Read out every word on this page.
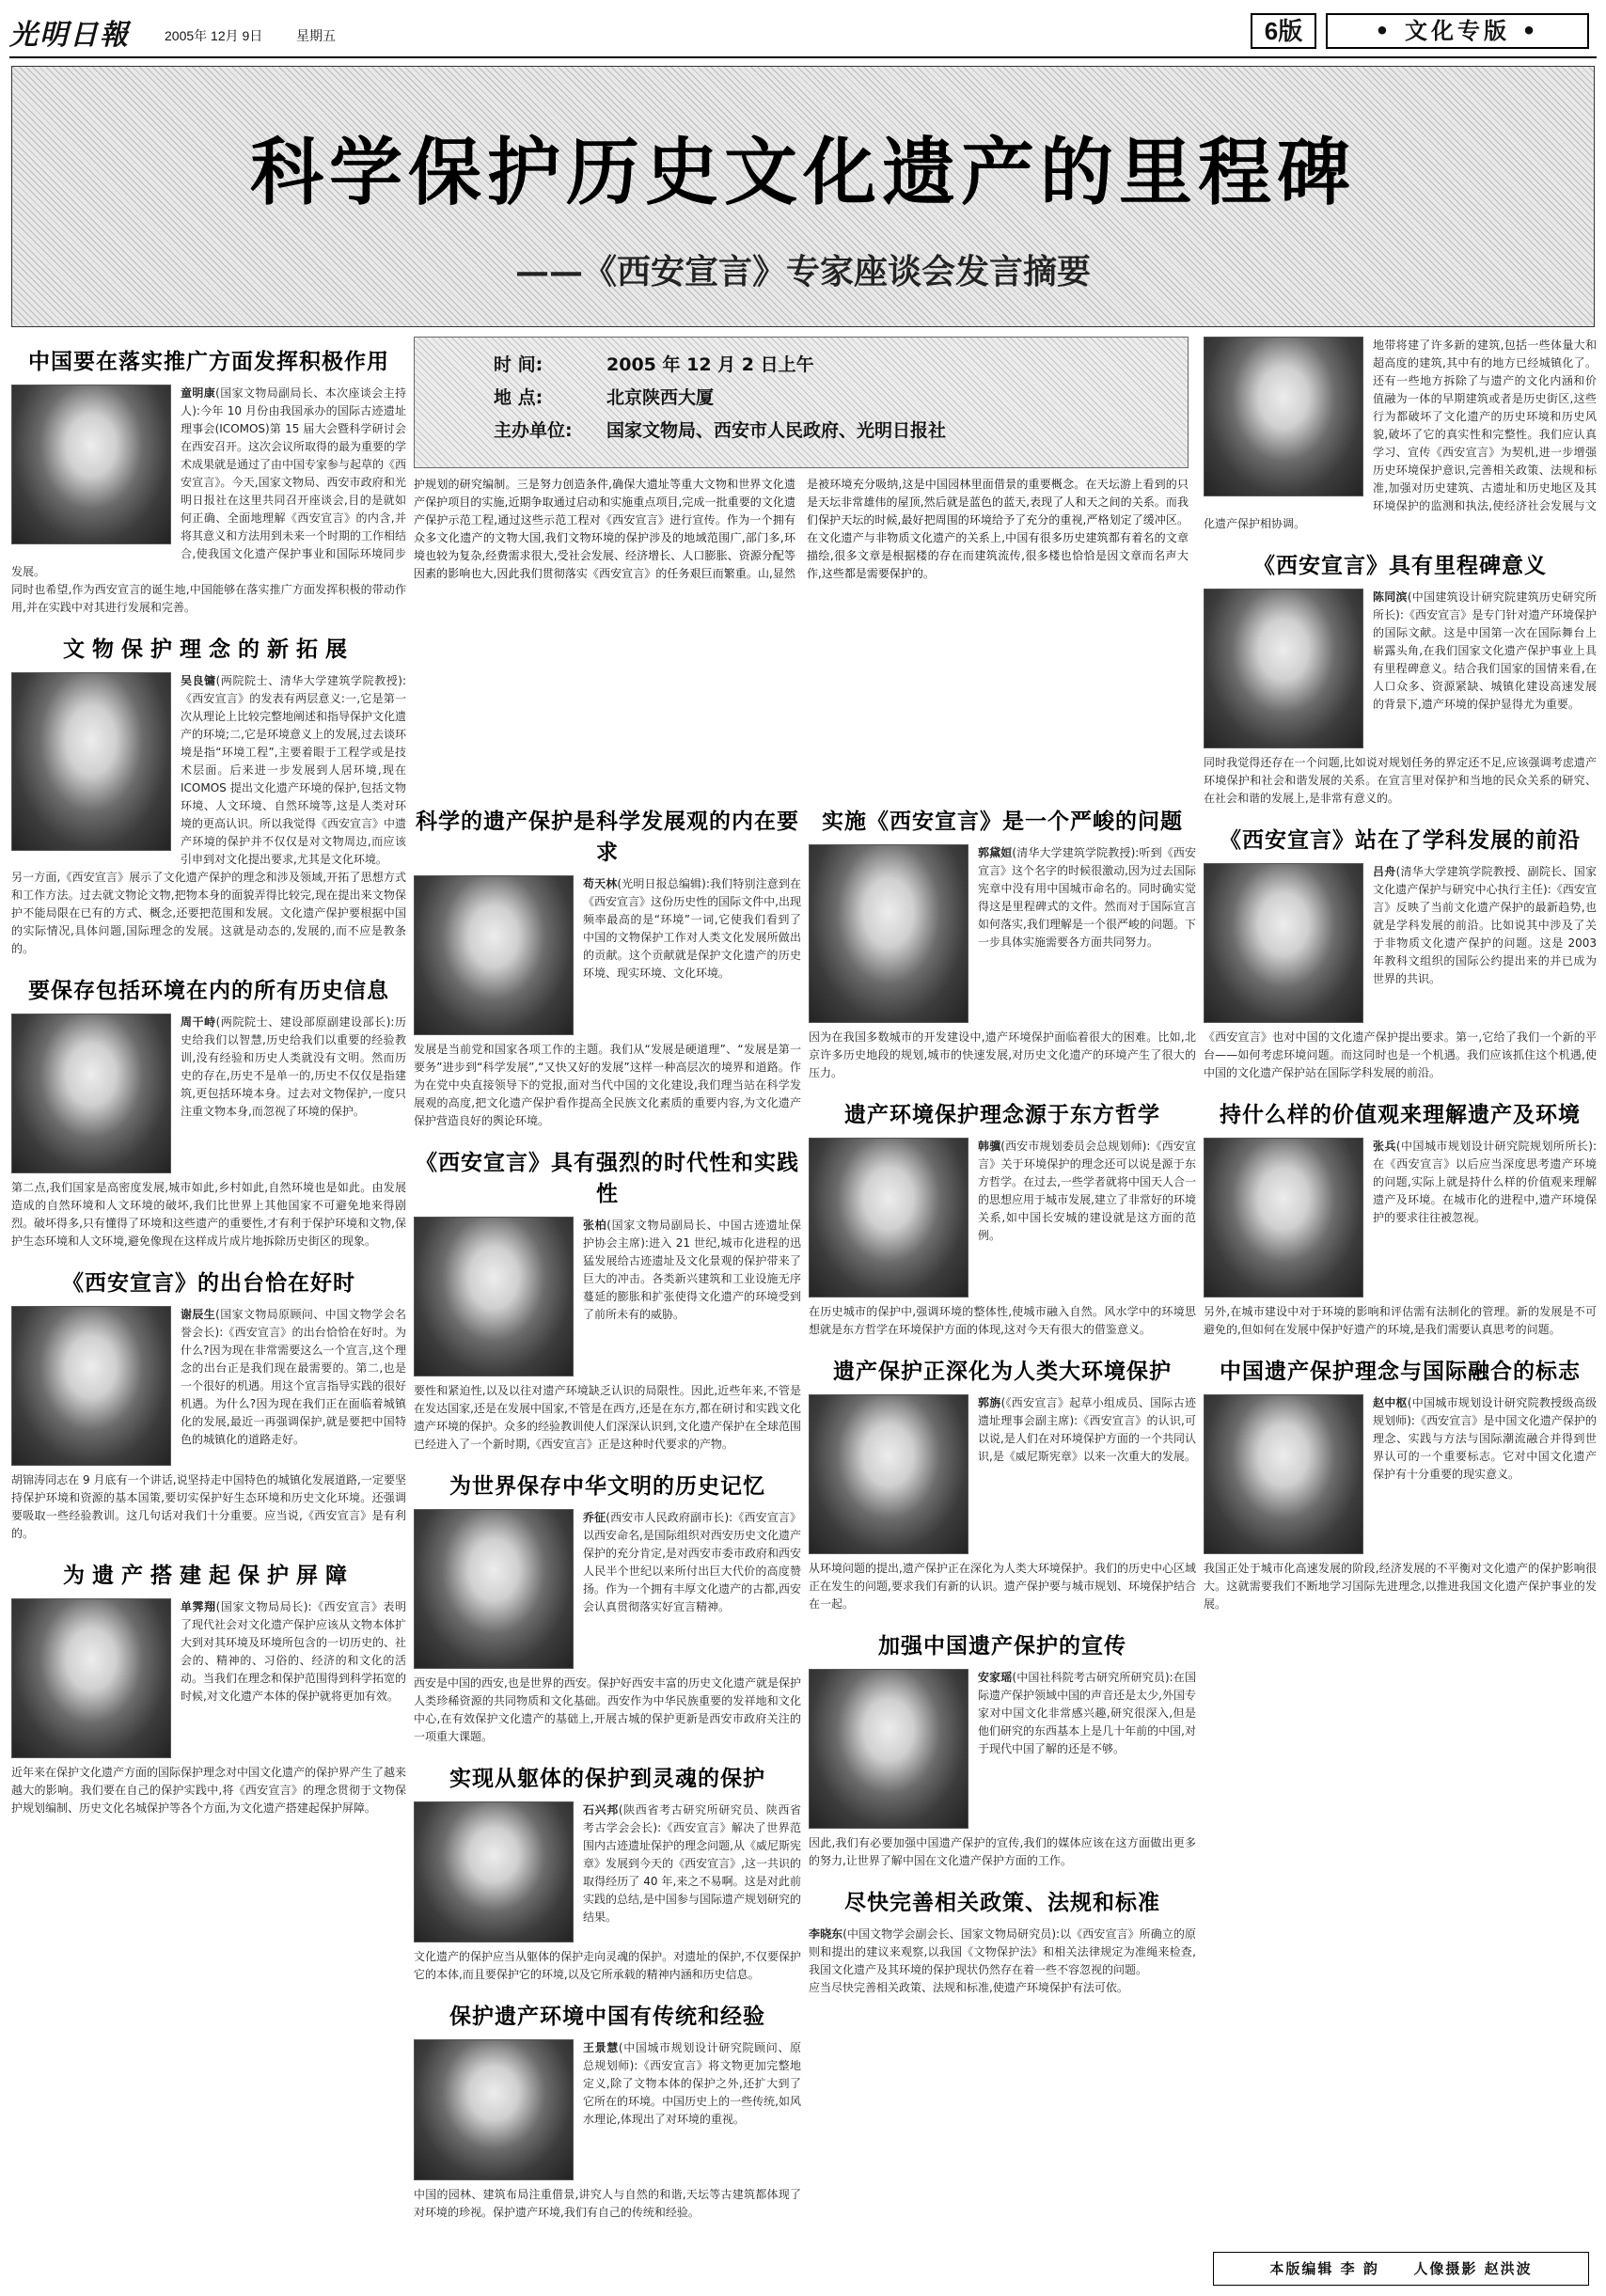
光明日報	2005年 12月 9日	星期五	6版	• 文化专版 •
科学保护历史文化遗产的里程碑
——《西安宣言》专家座谈会发言摘要
中国要在落实推广方面发挥积极作用
童明康(国家文物局副局长、本次座谈会主持人):今年 10 月份由我国承办的国际古迹遗址理事会(ICOMOS)第 15 届大会暨科学研讨会在西安召开。这次会议所取得的最为重要的学术成果就是通过了由中国专家参与起草的《西安宣言》。今天,国家文物局、西安市政府和光明日报社在这里共同召开座谈会,目的是就如何正确、全面地理解《西安宣言》的内含,并将其意义和方法用到未来一个时期的工作相结合,使我国文化遗产保护事业和国际环境同步发展。
同时也希望,作为西安宣言的诞生地,中国能够在落实推广方面发挥积极的带动作用,并在实践中对其进行发展和完善。
文物保护理念的新拓展
吴良镛(两院院士、清华大学建筑学院教授):《西安宣言》的发表有两层意义:一,它是第一次从理论上比较完整地阐述和指导保护文化遗产的环境;二,它是环境意义上的发展,过去谈环境是指“环境工程”,主要着眼于工程学或是技术层面。后来进一步发展到人居环境,现在 ICOMOS 提出文化遗产环境的保护,包括文物环境、人文环境、自然环境等,这是人类对环境的更高认识。所以我觉得《西安宣言》中遗产环境的保护并不仅仅是对文物周边,而应该引申到对文化提出要求,尤其是文化环境。
另一方面,《西安宣言》展示了文化遗产保护的理念和涉及领域,开拓了思想方式和工作方法。过去就文物论文物,把物本身的面貌弄得比较完,现在提出来文物保护不能局限在已有的方式、概念,还要把范围和发展。文化遗产保护要根据中国的实际情况,具体问题,国际理念的发展。这就是动态的,发展的,而不应是教条的。
要保存包括环境在内的所有历史信息
周干峙(两院院士、建设部原副建设部长):历史给我们以智慧,历史给我们以重要的经验教训,没有经验和历史人类就没有文明。然而历史的存在,历史不是单一的,历史不仅仅是指建筑,更包括环境本身。过去对文物保护,一度只注重文物本身,而忽视了环境的保护。
第二点,我们国家是高密度发展,城市如此,乡村如此,自然环境也是如此。由发展造成的自然环境和人文环境的破坏,我们比世界上其他国家不可避免地来得剧烈。破坏得多,只有懂得了环境和这些遗产的重要性,才有利于保护环境和文物,保护生态环境和人文环境,避免像现在这样成片成片地拆除历史街区的现象。
《西安宣言》的出台恰在好时
谢辰生(国家文物局原顾问、中国文物学会名誉会长):《西安宣言》的出台恰恰在好时。为什么?因为现在非常需要这么一个宣言,这个理念的出台正是我们现在最需要的。第二,也是一个很好的机遇。用这个宣言指导实践的很好机遇。为什么?因为现在我们正在面临着城镇化的发展,最近一再强调保护,就是要把中国特色的城镇化的道路走好。
胡锦涛同志在 9 月底有一个讲话,说坚持走中国特色的城镇化发展道路,一定要坚持保护环境和资源的基本国策,要切实保护好生态环境和历史文化环境。还强调要吸取一些经验教训。这几句话对我们十分重要。应当说,《西安宣言》是有利的。
为遗产搭建起保护屏障
单霁翔(国家文物局局长):《西安宣言》表明了现代社会对文化遗产保护应该从文物本体扩大到对其环境及环境所包含的一切历史的、社会的、精神的、习俗的、经济的和文化的活动。当我们在理念和保护范围得到科学拓宽的时候,对文化遗产本体的保护就将更加有效。
近年来在保护文化遗产方面的国际保护理念对中国文化遗产的保护界产生了越来越大的影响。我们要在自己的保护实践中,将《西安宣言》的理念贯彻于文物保护规划编制、历史文化名城保护等各个方面,为文化遗产搭建起保护屏障。
时 间:	2005 年 12 月 2 日上午
地 点:	北京陕西大厦
主办单位: 国家文物局、西安市人民政府、光明日报社
护规划的研究编制。三是努力创造条件,确保大遗址等重大文物和世界文化遗产保护项目的实施,近期争取通过启动和实施重点项目,完成一批重要的文化遗产保护示范工程,通过这些示范工程对《西安宣言》进行宣传。作为一个拥有众多文化遗产的文物大国,我们文物环境的保护涉及的地域范围广,部门多,环境也较为复杂,经费需求很大,受社会发展、经济增长、人口膨胀、资源分配等因素的影响也大,因此我们贯彻落实《西安宣言》的任务艰巨而繁重。山,显然是被环境充分吸纳,这是中国园林里面借景的重要概念。在天坛游上看到的只是天坛非常雄伟的屋顶,然后就是蓝色的蓝天,表现了人和天之间的关系。而我们保护天坛的时候,最好把周围的环境给予了充分的重视,严格划定了缓冲区。在文化遗产与非物质文化遗产的关系上,中国有很多历史建筑都有着名的文章描绘,很多文章是根据楼的存在而建筑流传,很多楼也恰恰是因文章而名声大作,这些都是需要保护的。
科学的遗产保护是科学发展观的内在要求
苟天林(光明日报总编辑):我们特别注意到在《西安宣言》这份历史性的国际文件中,出现频率最高的是“环境”一词,它使我们看到了中国的文物保护工作对人类文化发展所做出的贡献。这个贡献就是保护文化遗产的历史环境、现实环境、文化环境。
发展是当前党和国家各项工作的主题。我们从“发展是硬道理”、“发展是第一要务”进步到“科学发展”,“又快又好的发展”这样一种高层次的境界和道路。作为在党中央直接领导下的党报,面对当代中国的文化建设,我们理当站在科学发展观的高度,把文化遗产保护看作提高全民族文化素质的重要内容,为文化遗产保护营造良好的舆论环境。
《西安宣言》具有强烈的时代性和实践性
张柏(国家文物局副局长、中国古迹遗址保护协会主席):进入 21 世纪,城市化进程的迅猛发展给古迹遗址及文化景观的保护带来了巨大的冲击。各类新兴建筑和工业设施无序蔓延的膨胀和扩张使得文化遗产的环境受到了前所未有的威胁。
要性和紧迫性,以及以往对遗产环境缺乏认识的局限性。因此,近些年来,不管是在发达国家,还是在发展中国家,不管是在西方,还是在东方,都在研讨和实践文化遗产环境的保护。众多的经验教训使人们深深认识到,文化遗产保护在全球范围已经进入了一个新时期,《西安宣言》正是这种时代要求的产物。
为世界保存中华文明的历史记忆
乔征(西安市人民政府副市长):《西安宣言》以西安命名,是国际组织对西安历史文化遗产保护的充分肯定,是对西安市委市政府和西安人民半个世纪以来所付出巨大代价的高度赞扬。作为一个拥有丰厚文化遗产的古都,西安会认真贯彻落实好宣言精神。
西安是中国的西安,也是世界的西安。保护好西安丰富的历史文化遗产就是保护人类珍稀资源的共同物质和文化基础。西安作为中华民族重要的发祥地和文化中心,在有效保护文化遗产的基础上,开展古城的保护更新是西安市政府关注的一项重大课题。
实现从躯体的保护到灵魂的保护
石兴邦(陕西省考古研究所研究员、陕西省考古学会会长):《西安宣言》解决了世界范围内古迹遗址保护的理念问题,从《威尼斯宪章》发展到今天的《西安宣言》,这一共识的取得经历了 40 年,来之不易啊。这是对此前实践的总结,是中国参与国际遗产规划研究的结果。
文化遗产的保护应当从躯体的保护走向灵魂的保护。对遗址的保护,不仅要保护它的本体,而且要保护它的环境,以及它所承载的精神内涵和历史信息。
保护遗产环境中国有传统和经验
王景慧(中国城市规划设计研究院顾问、原总规划师):《西安宣言》将文物更加完整地定义,除了文物本体的保护之外,还扩大到了它所在的环境。中国历史上的一些传统,如风水理论,体现出了对环境的重视。
中国的园林、建筑布局注重借景,讲究人与自然的和谐,天坛等古建筑都体现了对环境的珍视。保护遗产环境,我们有自己的传统和经验。
实施《西安宣言》是一个严峻的问题
郭黛姮(清华大学建筑学院教授):听到《西安宣言》这个名字的时候很激动,因为过去国际宪章中没有用中国城市命名的。同时确实觉得这是里程碑式的文件。然而对于国际宣言如何落实,我们理解是一个很严峻的问题。下一步具体实施需要各方面共同努力。
因为在我国多数城市的开发建设中,遗产环境保护面临着很大的困难。比如,北京许多历史地段的规划,城市的快速发展,对历史文化遗产的环境产生了很大的压力。
遗产环境保护理念源于东方哲学
韩骥(西安市规划委员会总规划师):《西安宣言》关于环境保护的理念还可以说是源于东方哲学。在过去,一些学者就将中国天人合一的思想应用于城市发展,建立了非常好的环境关系,如中国长安城的建设就是这方面的范例。
在历史城市的保护中,强调环境的整体性,使城市融入自然。风水学中的环境思想就是东方哲学在环境保护方面的体现,这对今天有很大的借鉴意义。
遗产保护正深化为人类大环境保护
郭旃(《西安宣言》起草小组成员、国际古迹遗址理事会副主席):《西安宣言》的认识,可以说,是人们在对环境保护方面的一个共同认识,是《威尼斯宪章》以来一次重大的发展。
从环境问题的提出,遗产保护正在深化为人类大环境保护。我们的历史中心区域正在发生的问题,要求我们有新的认识。遗产保护要与城市规划、环境保护结合在一起。
加强中国遗产保护的宣传
安家瑶(中国社科院考古研究所研究员):在国际遗产保护领域中国的声音还是太少,外国专家对中国文化非常感兴趣,研究很深入,但是他们研究的东西基本上是几十年前的中国,对于现代中国了解的还是不够。
因此,我们有必要加强中国遗产保护的宣传,我们的媒体应该在这方面做出更多的努力,让世界了解中国在文化遗产保护方面的工作。
尽快完善相关政策、法规和标准
李晓东(中国文物学会副会长、国家文物局研究员):以《西安宣言》所确立的原则和提出的建议来观察,以我国《文物保护法》和相关法律规定为准绳来检查,我国文化遗产及其环境的保护现状仍然存在着一些不容忽视的问题。
应当尽快完善相关政策、法规和标准,使遗产环境保护有法可依。
地带将建了许多新的建筑,包括一些体量大和超高度的建筑,其中有的地方已经城镇化了。还有一些地方拆除了与遗产的文化内涵和价值融为一体的早期建筑或者是历史街区,这些行为都破坏了文化遗产的历史环境和历史风貌,破坏了它的真实性和完整性。我们应认真学习、宣传《西安宣言》为契机,进一步增强历史环境保护意识,完善相关政策、法规和标准,加强对历史建筑、古遗址和历史地区及其环境保护的监测和执法,使经济社会发展与文化遗产保护相协调。
《西安宣言》具有里程碑意义
陈同滨(中国建筑设计研究院建筑历史研究所所长):《西安宣言》是专门针对遗产环境保护的国际文献。这是中国第一次在国际舞台上崭露头角,在我们国家文化遗产保护事业上具有里程碑意义。结合我们国家的国情来看,在人口众多、资源紧缺、城镇化建设高速发展的背景下,遗产环境的保护显得尤为重要。
同时我觉得还存在一个问题,比如说对规划任务的界定还不足,应该强调考虑遗产环境保护和社会和谐发展的关系。在宣言里对保护和当地的民众关系的研究、在社会和谐的发展上,是非常有意义的。
《西安宣言》站在了学科发展的前沿
吕舟(清华大学建筑学院教授、副院长、国家文化遗产保护与研究中心执行主任):《西安宣言》反映了当前文化遗产保护的最新趋势,也就是学科发展的前沿。比如说其中涉及了关于非物质文化遗产保护的问题。这是 2003 年教科文组织的国际公约提出来的并已成为世界的共识。
《西安宣言》也对中国的文化遗产保护提出要求。第一,它给了我们一个新的平台——如何考虑环境问题。而这同时也是一个机遇。我们应该抓住这个机遇,使中国的文化遗产保护站在国际学科发展的前沿。
持什么样的价值观来理解遗产及环境
张兵(中国城市规划设计研究院规划所所长):在《西安宣言》以后应当深度思考遗产环境的问题,实际上就是持什么样的价值观来理解遗产及环境。在城市化的进程中,遗产环境保护的要求往往被忽视。
另外,在城市建设中对于环境的影响和评估需有法制化的管理。新的发展是不可避免的,但如何在发展中保护好遗产的环境,是我们需要认真思考的问题。
中国遗产保护理念与国际融合的标志
赵中枢(中国城市规划设计研究院教授级高级规划师):《西安宣言》是中国文化遗产保护的理念、实践与方法与国际潮流融合并得到世界认可的一个重要标志。它对中国文化遗产保护有十分重要的现实意义。
我国正处于城市化高速发展的阶段,经济发展的不平衡对文化遗产的保护影响很大。这就需要我们不断地学习国际先进理念,以推进我国文化遗产保护事业的发展。
本版编辑 李 韵 人像摄影 赵洪波
